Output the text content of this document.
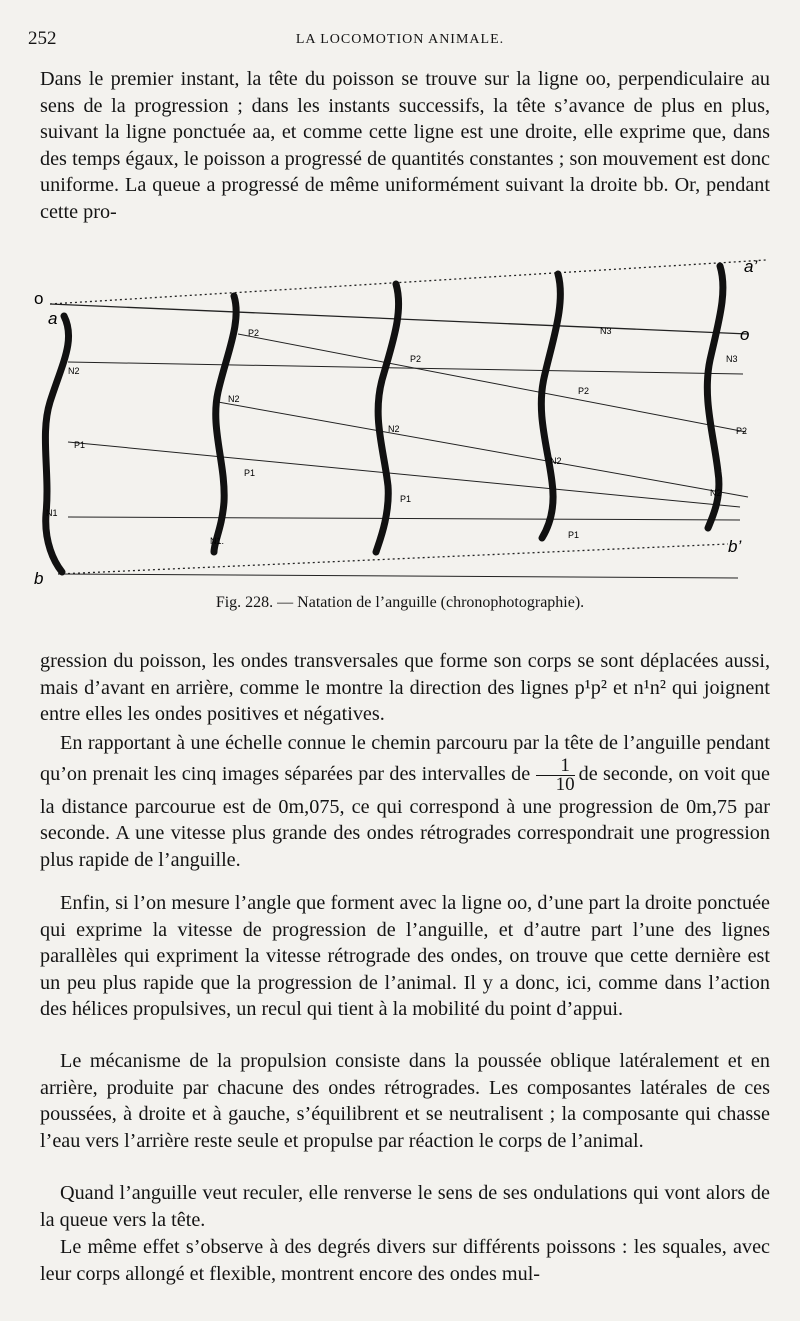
252	LA LOCOMOTION ANIMALE.

Dans le premier instant, la tête du poisson se trouve sur la ligne oo, perpendiculaire au sens de la progression ; dans les instants successifs, la tête s’avance de plus en plus, suivant la ligne ponctuée aa, et comme cette ligne est une droite, elle exprime que, dans des temps égaux, le poisson a progressé de quantités constantes ; son mouvement est donc uniforme. La queue a progressé de même uniformément suivant la droite bb. Or, pendant cette pro-

o
a
b
a’
o
b’
N2
P1
N1
P2
N2
P1
N1.
P2
N2
P1
N3
P2
N2
P1
N3
P2
N2
Fig. 228. — Natation de l’anguille (chronophotographie).

gression du poisson, les ondes transversales que forme son corps se sont déplacées aussi, mais d’avant en arrière, comme le montre la direction des lignes p¹p² et n¹n² qui joignent entre elles les ondes positives et négatives.

En rapportant à une échelle connue le chemin parcouru par la tête de l’anguille pendant qu’on prenait les cinq images séparées par des intervalles de $\frac{1}{10}$ de seconde, on voit que la distance parcourue est de 0m,075, ce qui correspond à une progression de 0m,75 par seconde. A une vitesse plus grande des ondes rétrogrades correspondrait une progression plus rapide de l’anguille.

Enfin, si l’on mesure l’angle que forment avec la ligne oo, d’une part la droite ponctuée qui exprime la vitesse de progression de l’anguille, et d’autre part l’une des lignes parallèles qui expriment la vitesse rétrograde des ondes, on trouve que cette dernière est un peu plus rapide que la progression de l’animal. Il y a donc, ici, comme dans l’action des hélices propulsives, un recul qui tient à la mobilité du point d’appui.

Le mécanisme de la propulsion consiste dans la poussée oblique latéralement et en arrière, produite par chacune des ondes rétrogrades. Les composantes latérales de ces poussées, à droite et à gauche, s’équilibrent et se neutralisent ; la composante qui chasse l’eau vers l’arrière reste seule et propulse par réaction le corps de l’animal.

Quand l’anguille veut reculer, elle renverse le sens de ses ondulations qui vont alors de la queue vers la tête.

Le même effet s’observe à des degrés divers sur différents poissons : les squales, avec leur corps allongé et flexible, montrent encore des ondes mul-
